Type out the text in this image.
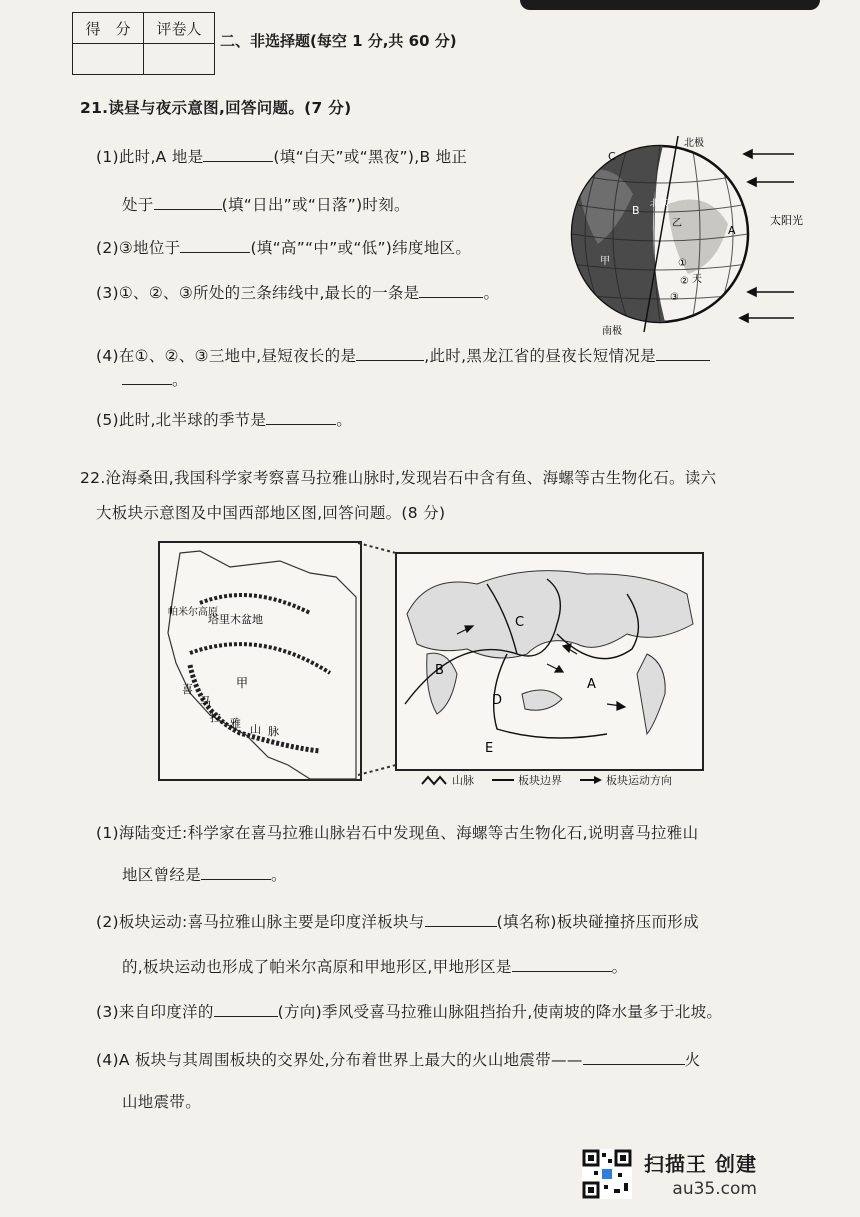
得　分	评卷人

二、非选择题(每空 1 分,共 60 分)
21.读昼与夜示意图,回答问题。(7 分)
(1)此时,A 地是	(填“白天”或“黑夜”),B 地正
处于	(填“日出”或“日落”)时刻。
(2)③地位于	(填“高”“中”或“低”)纬度地区。
(3)①、②、③所处的三条纬线中,最长的一条是	。
(4)在①、②、③三地中,昼短夜长的是	,此时,黑龙江省的昼夜长短情况是
。
(5)此时,北半球的季节是	。
北极
南极
C
B
A
北京
乙
甲	①
②
③
天
太阳光
22.沧海桑田,我国科学家考察喜马拉雅山脉时,发现岩石中含有鱼、海螺等古生物化石。读六
大板块示意图及中国西部地区图,回答问题。(8 分)
帕米尔高原
塔里木盆地
甲
喜
马
拉 雅 山 脉
C
B
D
A
E
山脉	板块边界	板块运动方向
(1)海陆变迁:科学家在喜马拉雅山脉岩石中发现鱼、海螺等古生物化石,说明喜马拉雅山
地区曾经是	。
(2)板块运动:喜马拉雅山脉主要是印度洋板块与	(填名称)板块碰撞挤压而形成
的,板块运动也形成了帕米尔高原和甲地形区,甲地形区是	。
(3)来自印度洋的	(方向)季风受喜马拉雅山脉阻挡抬升,使南坡的降水量多于北坡。
(4)A 板块与其周围板块的交界处,分布着世界上最大的火山地震带——	火
山地震带。
扫描王 创建
au35.com
